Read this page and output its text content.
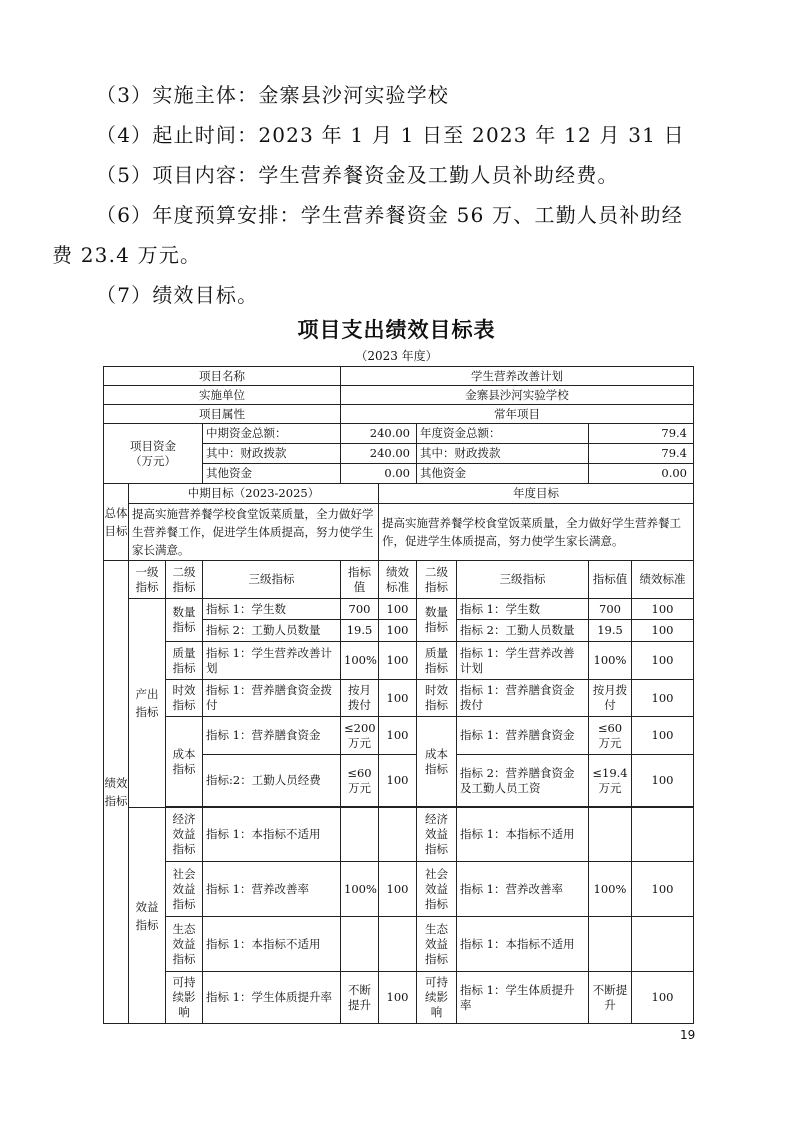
（3）实施主体：金寨县沙河实验学校
（4）起止时间：2023 年 1 月 1 日至 2023 年 12 月 31 日
（5）项目内容：学生营养餐资金及工勤人员补助经费。
（6）年度预算安排：学生营养餐资金 56 万、工勤人员补助经
费 23.4 万元。
（7）绩效目标。
项目支出绩效目标表
（2023 年度）
项目名称				学生营养改善计划					
实施单位				金寨县沙河实验学校					
项目属性				常年项目					

项目资金
（万元）			中期资金总额：	240.00		年度资金总额：		79.4	
			其中：财政拨款	240.00		其中：财政拨款		79.4	
			其他资金	0.00		其他资金		0.00	
总体目标	中期目标（2023-2025）				年度目标				
	提高实施营养餐学校食堂饭菜质量，全力做好学生营养餐工作，促进学生体质提高，努力使学生家长满意。				提高实施营养餐学校食堂饭菜质量，全力做好学生营养餐工作，促进学生体质提高，努力使学生家长满意。				
绩效指标	一级指标	二级指标	三级指标	指标值	绩效标准	二级指标	三级指标	指标值	绩效标准
	产出指标	数量指标	指标 1：学生数	700	100	数量指标	指标 1：学生数	700	100
			指标 2：工勤人员数量	19.5	100		指标 2：工勤人员数量	19.5	100
		质量指标	指标 1：学生营养改善计划	100%	100	质量指标	指标 1：学生营养改善计划	100%	100
		时效指标	指标 1：营养膳食资金拨付	按月拨付	100	时效指标	指标 1：营养膳食资金拨付	按月拨付	100
		成本指标	指标 1：营养膳食资金	≤200 万元	100	成本指标	指标 1：营养膳食资金	≤60 万元	100
			指标:2：工勤人员经费	≤60 万元	100		指标 2：营养膳食资金及工勤人员工资	≤19.4 万元	100

	效益指标	经济效益指标	指标 1：本指标不适用			经济效益指标	指标 1：本指标不适用		
		社会效益指标	指标 1：营养改善率	100%	100	社会效益指标	指标 1：营养改善率	100%	100
		生态效益指标	指标 1：本指标不适用			生态效益指标	指标 1：本指标不适用		
		可持续影响	指标 1：学生体质提升率	不断提升	100	可持续影响	指标 1：学生体质提升率	不断提升	100
19
